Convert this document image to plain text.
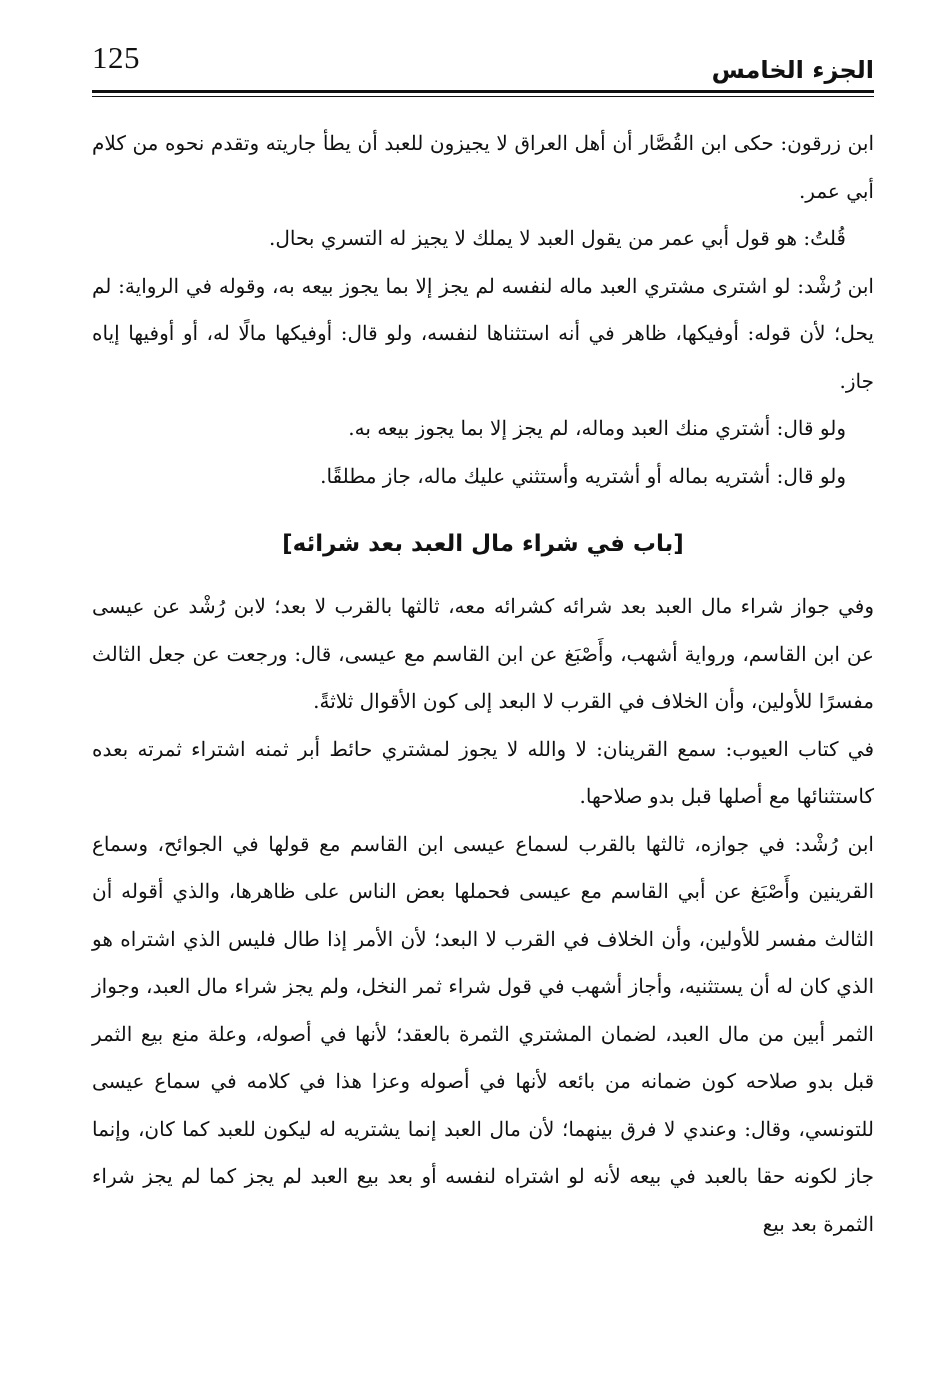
125	الجزء الخامس

ابن زرقون: حكى ابن القُصَّار أن أهل العراق لا يجيزون للعبد أن يطأ جاريته وتقدم نحوه من كلام أبي عمر.

قُلتُ: هو قول أبي عمر من يقول العبد لا يملك لا يجيز له التسري بحال.

ابن رُشْد: لو اشترى مشتري العبد ماله لنفسه لم يجز إلا بما يجوز بيعه به، وقوله في الرواية: لم يحل؛ لأن قوله: أوفيكها، ظاهر في أنه استثناها لنفسه، ولو قال: أوفيكها مالًا له، أو أوفيها إياه جاز.

ولو قال: أشتري منك العبد وماله، لم يجز إلا بما يجوز بيعه به.

ولو قال: أشتريه بماله أو أشتريه وأستثني عليك ماله، جاز مطلقًا.

[باب في شراء مال العبد بعد شرائه]

وفي جواز شراء مال العبد بعد شرائه كشرائه معه، ثالثها بالقرب لا بعد؛ لابن رُشْد عن عيسى عن ابن القاسم، ورواية أشهب، وأَصْبَغ عن ابن القاسم مع عيسى، قال: ورجعت عن جعل الثالث مفسرًا للأولين، وأن الخلاف في القرب لا البعد إلى كون الأقوال ثلاثةً.

في كتاب العيوب: سمع القرينان: لا والله لا يجوز لمشتري حائط أبر ثمنه اشتراء ثمرته بعده كاستثنائها مع أصلها قبل بدو صلاحها.

ابن رُشْد: في جوازه، ثالثها بالقرب لسماع عيسى ابن القاسم مع قولها في الجوائح، وسماع القرينين وأَصْبَغ عن أبي القاسم مع عيسى فحملها بعض الناس على ظاهرها، والذي أقوله أن الثالث مفسر للأولين، وأن الخلاف في القرب لا البعد؛ لأن الأمر إذا طال فليس الذي اشتراه هو الذي كان له أن يستثنيه، وأجاز أشهب في قول شراء ثمر النخل، ولم يجز شراء مال العبد، وجواز الثمر أبين من مال العبد، لضمان المشتري الثمرة بالعقد؛ لأنها في أصوله، وعلة منع بيع الثمر قبل بدو صلاحه كون ضمانه من بائعه لأنها في أصوله وعزا هذا في كلامه في سماع عيسى للتونسي، وقال: وعندي لا فرق بينهما؛ لأن مال العبد إنما يشتريه له ليكون للعبد كما كان، وإنما جاز لكونه حقا بالعبد في بيعه لأنه لو اشتراه لنفسه أو بعد بيع العبد لم يجز كما لم يجز شراء الثمرة بعد بيع
